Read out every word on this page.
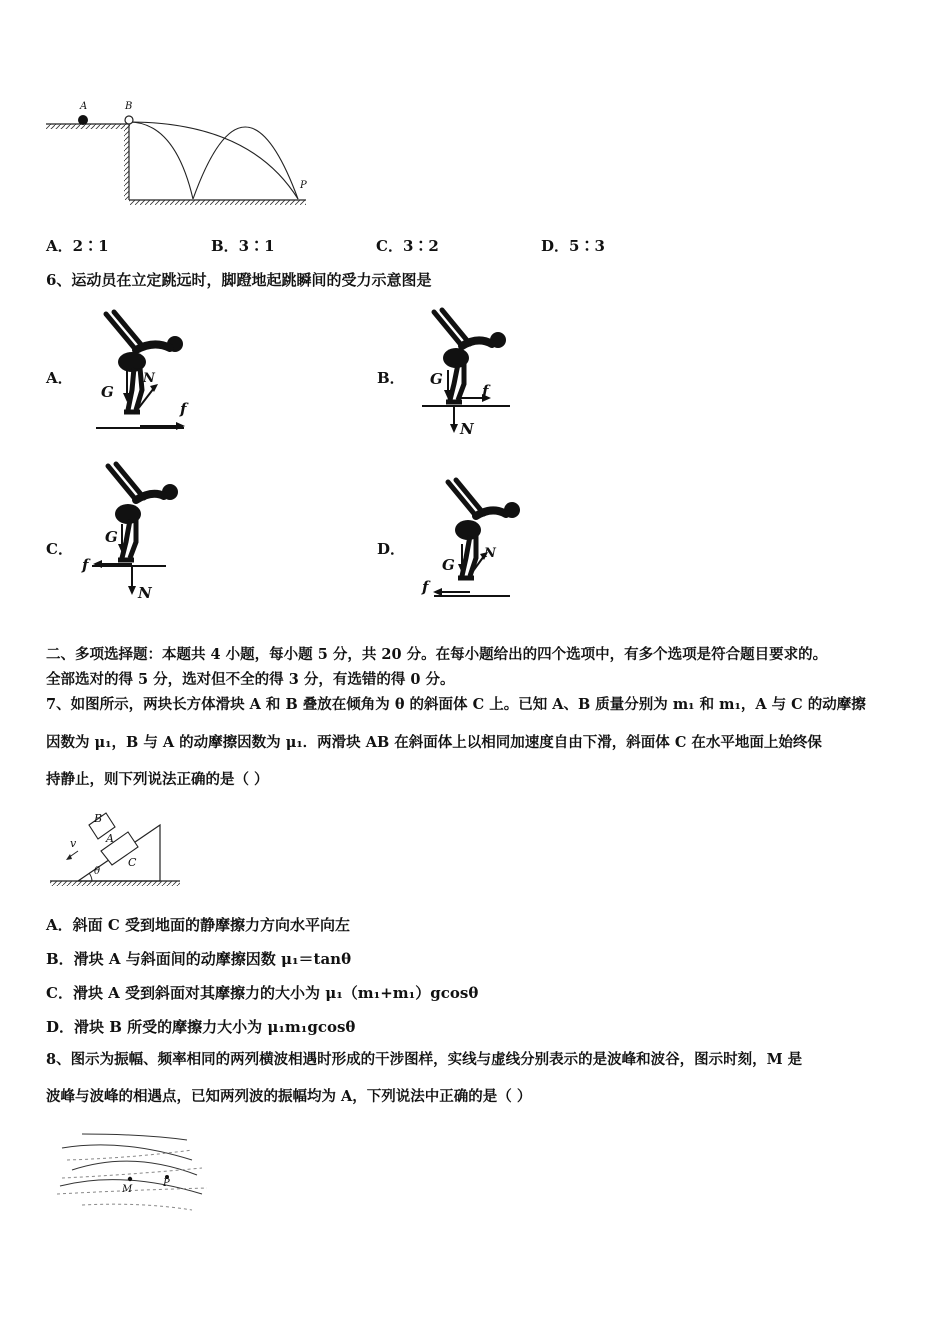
A	B
P
A．2∶1	B．3∶1	C．3∶2	D．5∶3
6、运动员在立定跳远时，脚蹬地起跳瞬间的受力示意图是
A．	B．
C．	D．
G
N
f
G
f
N
G
f
N
G
N
f
二、多项选择题：本题共 4 小题，每小题 5 分，共 20 分。在每小题给出的四个选项中，有多个选项是符合题目要求的。
全部选对的得 5 分，选对但不全的得 3 分，有选错的得 0 分。
7、如图所示，两块长方体滑块 A 和 B 叠放在倾角为 θ 的斜面体 C 上。已知 A、B 质量分别为 m₁ 和 m₁，A 与 C 的动摩擦
因数为 μ₁，B 与 A 的动摩擦因数为 μ₁．两滑块 AB 在斜面体上以相同加速度自由下滑，斜面体 C 在水平地面上始终保
持静止，则下列说法正确的是（ ）
B
A
C
v
θ
A．斜面 C 受到地面的静摩擦力方向水平向左
B．滑块 A 与斜面间的动摩擦因数 μ₁＝tanθ
C．滑块 A 受到斜面对其摩擦力的大小为 μ₁（m₁+m₁）gcosθ
D．滑块 B 所受的摩擦力大小为 μ₁m₁gcosθ
8、图示为振幅、频率相同的两列横波相遇时形成的干涉图样，实线与虚线分别表示的是波峰和波谷，图示时刻，M 是
波峰与波峰的相遇点，已知两列波的振幅均为 A，下列说法中正确的是（ ）
M
P
